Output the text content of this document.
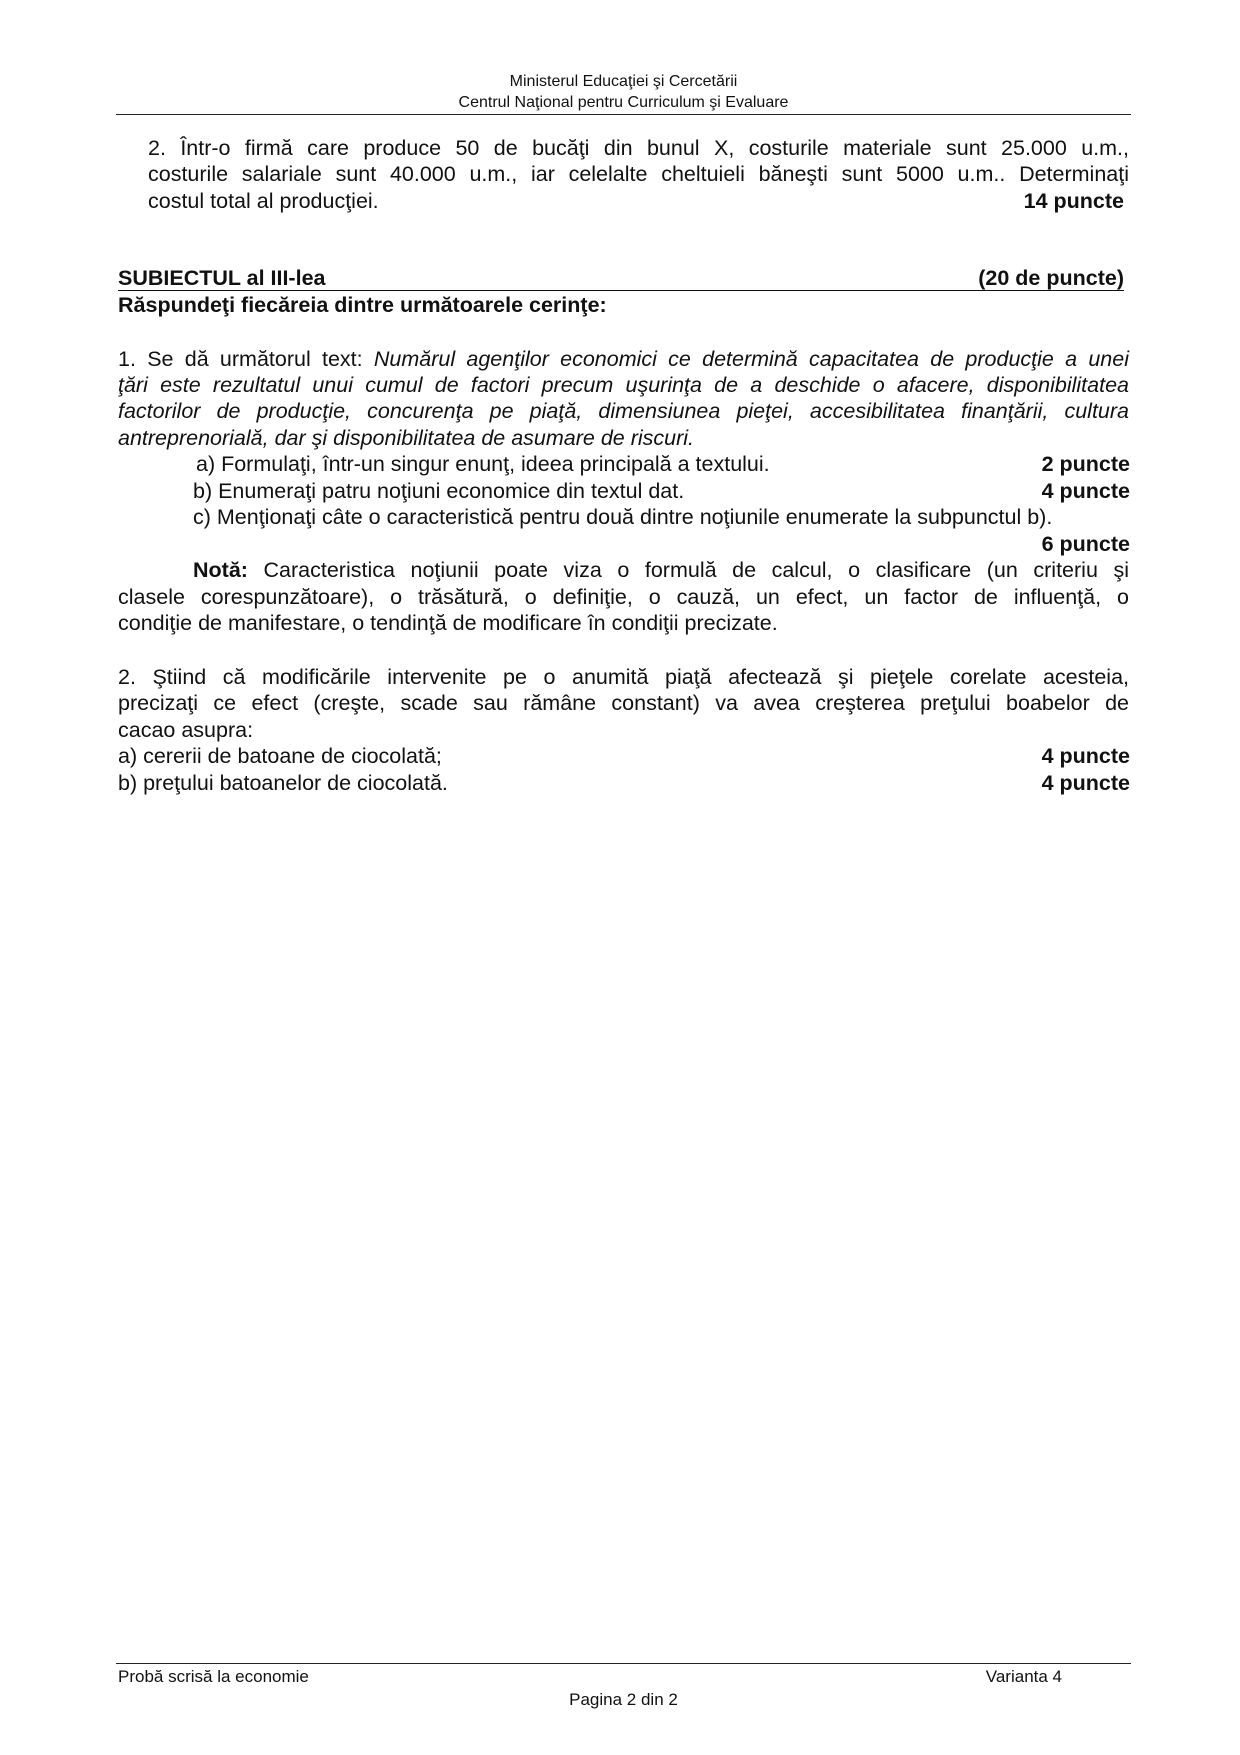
Ministerul Educaţiei şi Cercetării
Centrul Naţional pentru Curriculum şi Evaluare
2. Într-o firmă care produce 50 de bucăţi din bunul X, costurile materiale sunt 25.000 u.m.,
costurile salariale sunt 40.000 u.m., iar celelalte cheltuieli băneşti sunt 5000 u.m.. Determinaţi
costul total al producţiei.	14 puncte
SUBIECTUL al III-lea	(20 de puncte)
Răspundeţi fiecăreia dintre următoarele cerinţe:
1. Se dă următorul text: Numărul agenţilor economici ce determină capacitatea de producţie a unei
ţări este rezultatul unui cumul de factori precum uşurinţa de a deschide o afacere, disponibilitatea
factorilor de producţie, concurenţa pe piaţă, dimensiunea pieţei, accesibilitatea finanţării, cultura
antreprenorială, dar şi disponibilitatea de asumare de riscuri.
a) Formulaţi, într-un singur enunţ, ideea principală a textului.	2 puncte
b) Enumeraţi patru noţiuni economice din textul dat.	4 puncte
c) Menţionaţi câte o caracteristică pentru două dintre noţiunile enumerate la subpunctul b).
6 puncte
Notă: Caracteristica noţiunii poate viza o formulă de calcul, o clasificare (un criteriu şi
clasele corespunzătoare), o trăsătură, o definiţie, o cauză, un efect, un factor de influenţă, o
condiţie de manifestare, o tendinţă de modificare în condiţii precizate.
2. Ştiind că modificările intervenite pe o anumită piaţă afectează şi pieţele corelate acesteia,
precizaţi ce efect (creşte, scade sau rămâne constant) va avea creşterea preţului boabelor de
cacao asupra:
a) cererii de batoane de ciocolată;	4 puncte
b) preţului batoanelor de ciocolată.	4 puncte
Probă scrisă la economie	Varianta 4
Pagina 2 din 2
